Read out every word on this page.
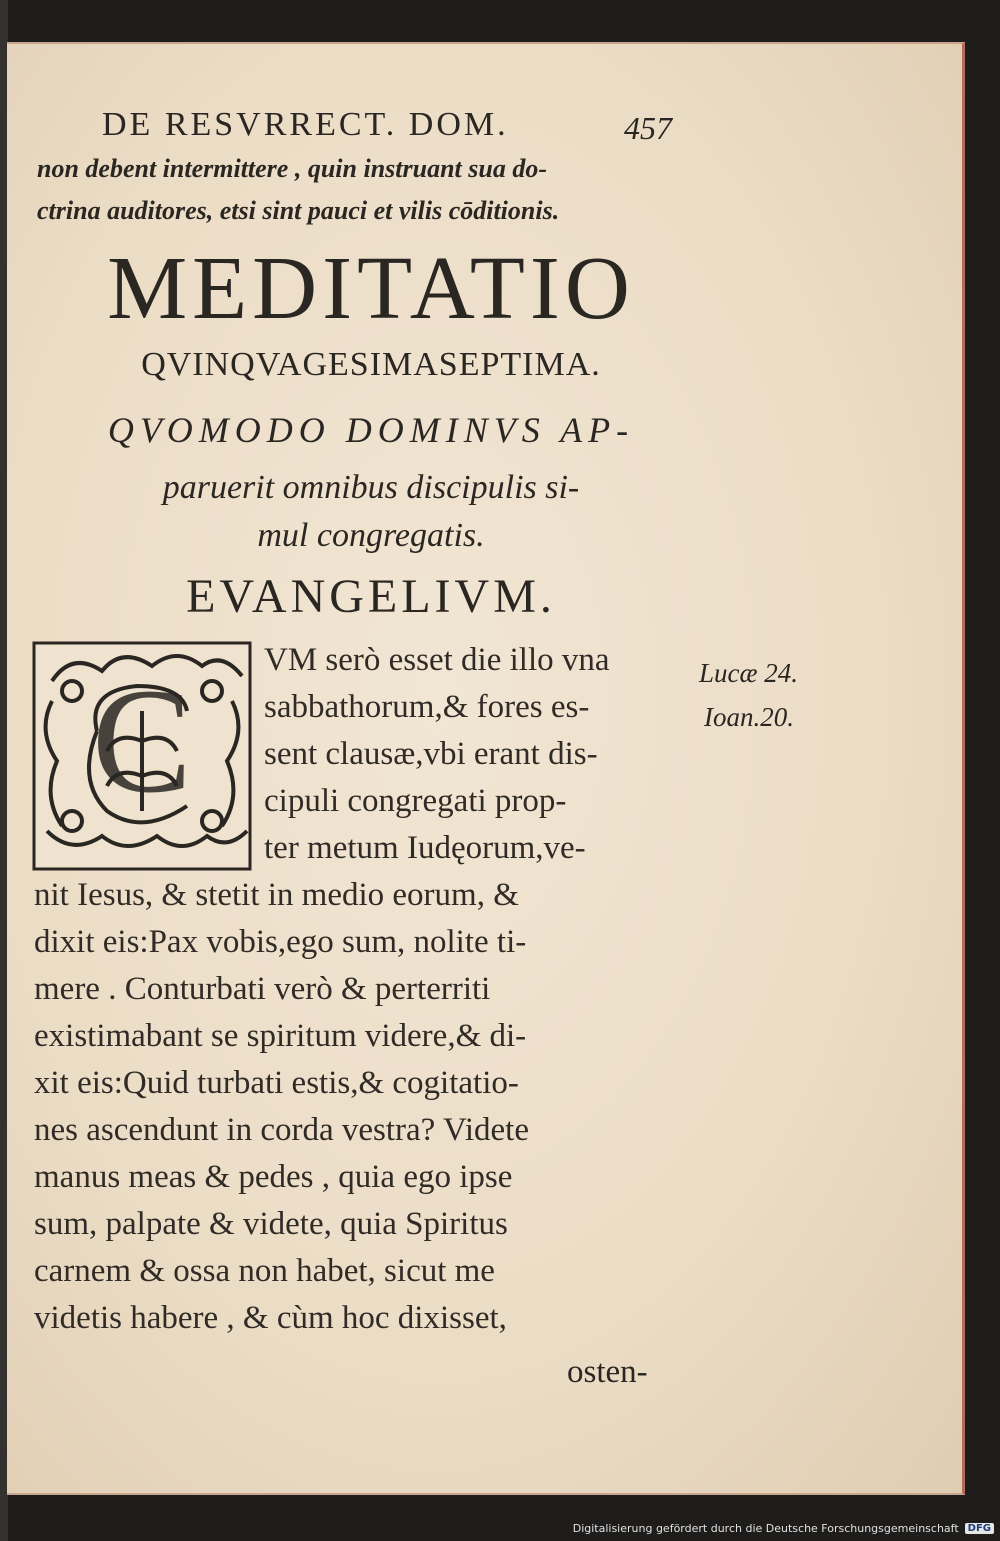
DE RESVRRECT. DOM.	457
non debent intermittere , quin instruant sua do-
ctrina auditores, etsi sint pauci et vilis cōditionis.
MEDITATIO
QVINQVAGESIMASEPTIMA.
QVOMODO DOMINVS AP-
paruerit omnibus discipulis si-
mul congregatis.
EVANGELIVM.
C VM serò esset die illo vna
sabbathorum,& fores es-
sent clausæ,vbi erant dis-
cipuli congregati prop-
ter metum Iudęorum,ve-
nit Iesus, & stetit in medio eorum, &
dixit eis:Pax vobis,ego sum, nolite ti-
mere . Conturbati verò & perterriti
existimabant se spiritum videre,& di-
xit eis:Quid turbati estis,& cogitatio-
nes ascendunt in corda vestra? Videte
manus meas & pedes , quia ego ipse
sum, palpate & videte, quia Spiritus
carnem & ossa non habet, sicut me
videtis habere , & cùm hoc dixisset,
osten-
Lucæ 24.
Ioan.20.
Digitalisierung gefördert durch die Deutsche Forschungsgemeinschaft DFG
